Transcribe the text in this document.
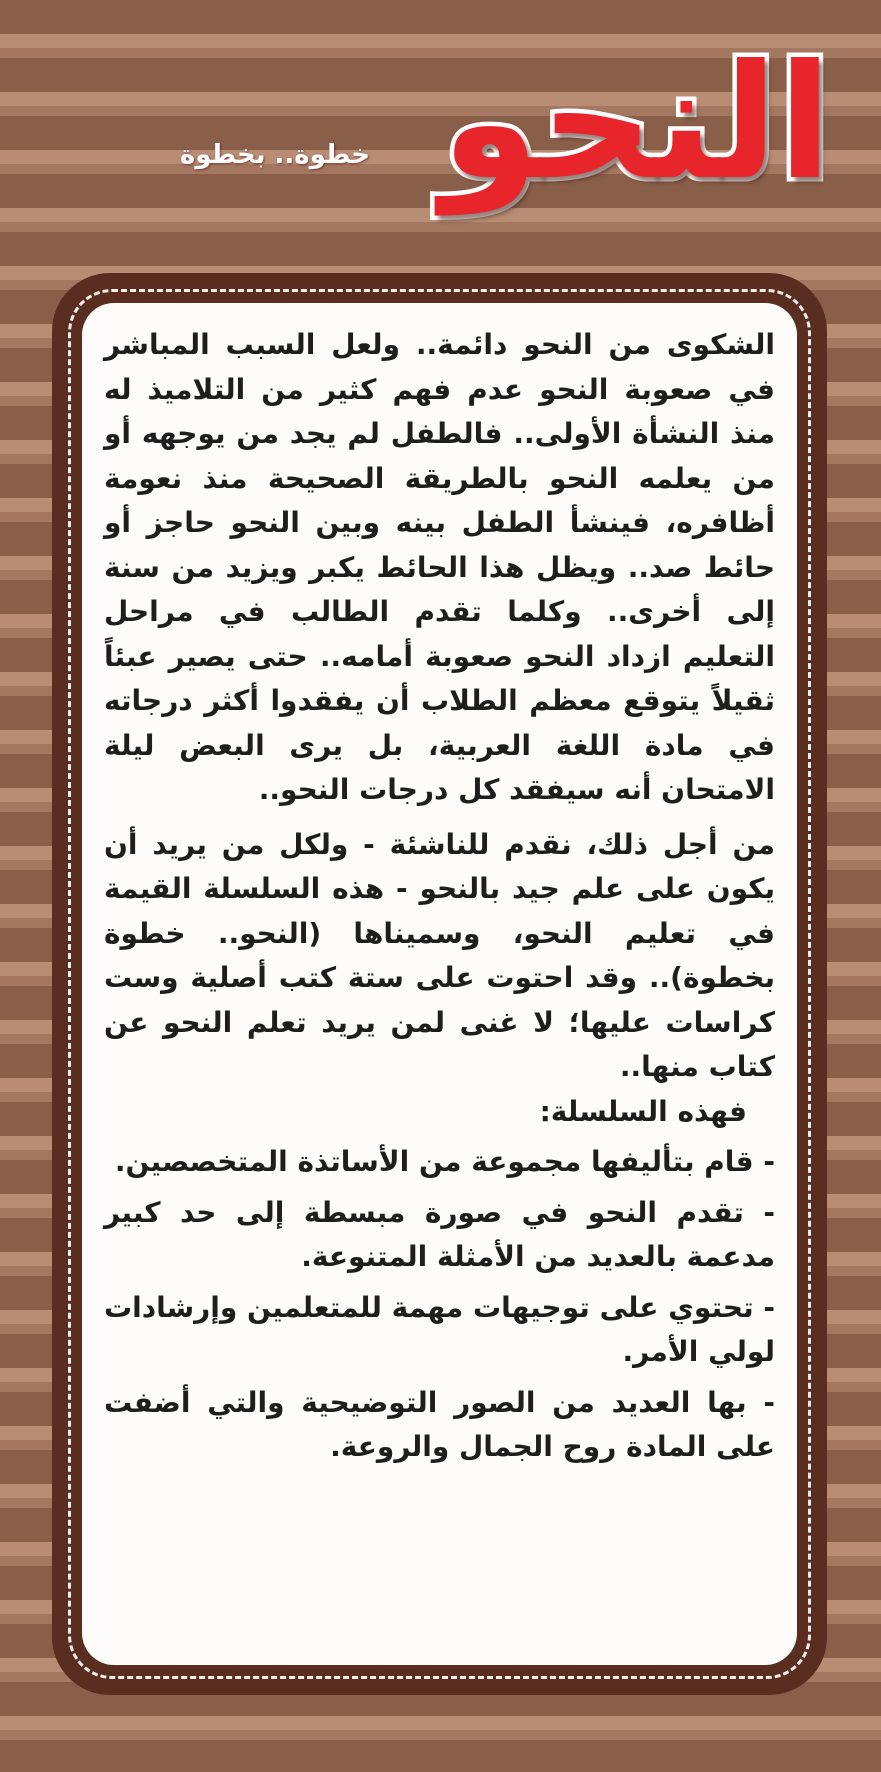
النحو
خطوة.. بخطوة

الشكوى من النحو دائمة.. ولعل السبب المباشر في صعوبة النحو عدم فهم كثير من التلاميذ له منذ النشأة الأولى.. فالطفل لم يجد من يوجهه أو من يعلمه النحو بالطريقة الصحيحة منذ نعومة أظافره، فينشأ الطفل بينه وبين النحو حاجز أو حائط صد.. ويظل هذا الحائط يكبر ويزيد من سنة إلى أخرى.. وكلما تقدم الطالب في مراحل التعليم ازداد النحو صعوبة أمامه.. حتى يصير عبئاً ثقيلاً يتوقع معظم الطلاب أن يفقدوا أكثر درجاته في مادة اللغة العربية، بل يرى البعض ليلة الامتحان أنه سيفقد كل درجات النحو..

من أجل ذلك، نقدم للناشئة - ولكل من يريد أن يكون على علم جيد بالنحو - هذه السلسلة القيمة في تعليم النحو، وسميناها (النحو.. خطوة بخطوة).. وقد احتوت على ستة كتب أصلية وست كراسات عليها؛ لا غنى لمن يريد تعلم النحو عن كتاب منها..

فهذه السلسلة:

- قام بتأليفها مجموعة من الأساتذة المتخصصين.

- تقدم النحو في صورة مبسطة إلى حد كبير مدعمة بالعديد من الأمثلة المتنوعة.

- تحتوي على توجيهات مهمة للمتعلمين وإرشادات لولي الأمر.

- بها العديد من الصور التوضيحية والتي أضفت على المادة روح الجمال والروعة.
